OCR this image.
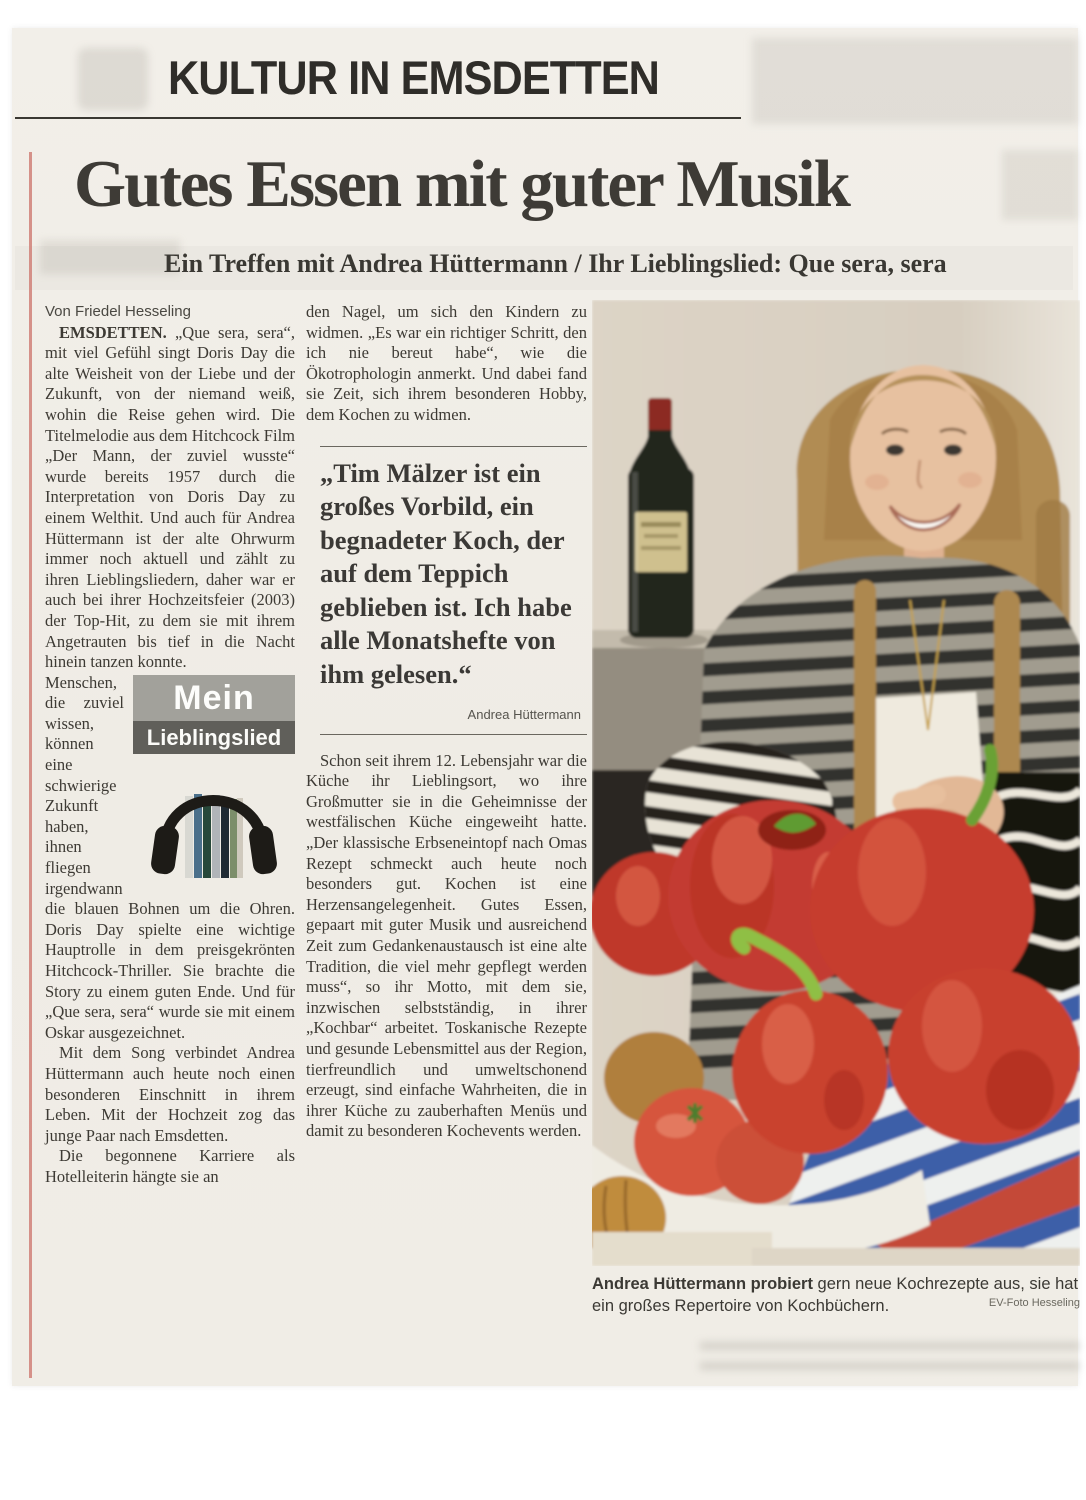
KULTUR IN EMSDETTEN
Gutes Essen mit guter Musik
Ein Treffen mit Andrea Hüttermann / Ihr Lieblingslied: Que sera, sera

Von Friedel Hesseling

EMSDETTEN. „Que sera, sera“, mit viel Gefühl singt Doris Day die alte Weisheit von der Liebe und der Zukunft, von der niemand weiß, wohin die Reise gehen wird. Die Titelmelodie aus dem Hitchcock Film „Der Mann, der zuviel wusste“ wurde bereits 1957 durch die Interpretation von Doris Day zu einem Welthit. Und auch für Andrea Hüttermann ist der alte Ohrwurm immer noch aktuell und zählt zu ihren Lieblingsliedern, daher war er auch bei ihrer Hochzeitsfeier (2003) der Top-Hit, zu dem sie mit ihrem Angetrauten bis tief in die Nacht hinein tanzen konnte.

Mein
Lieblingslied

Menschen, die zuviel wissen, können eine schwierige Zukunft haben, ihnen fliegen irgendwann die blauen Bohnen um die Ohren. Doris Day spielte eine wichtige Hauptrolle in dem preisgekrönten Hitchcock-Thriller. Sie brachte die Story zu einem guten Ende. Und für „Que sera, sera“ wurde sie mit einem Oskar ausgezeichnet.

Mit dem Song verbindet Andrea Hüttermann auch heute noch einen besonderen Einschnitt in ihrem Leben. Mit der Hochzeit zog das junge Paar nach Emsdetten.

Die begonnene Karriere als Hotelleiterin hängte sie an

den Nagel, um sich den Kindern zu widmen. „Es war ein richtiger Schritt, den ich nie bereut habe“, wie die Ökotrophologin anmerkt. Und dabei fand sie Zeit, sich ihrem besonderen Hobby, dem Kochen zu widmen.

„Tim Mälzer ist ein großes Vorbild, ein begnadeter Koch, der auf dem Teppich geblieben ist. Ich habe alle Monatshefte von ihm gelesen.“
Andrea Hüttermann

Schon seit ihrem 12. Lebensjahr war die Küche ihr Lieblingsort, wo ihre Großmutter sie in die Geheimnisse der westfälischen Küche eingeweiht hatte. „Der klassische Erbseneintopf nach Omas Rezept schmeckt auch heute noch besonders gut. Kochen ist eine Herzensangelegenheit. Gutes Essen, gepaart mit guter Musik und ausreichend Zeit zum Gedankenaustausch ist eine alte Tradition, die viel mehr gepflegt werden muss“, so ihr Motto, mit dem sie, inzwischen selbstständig, in ihrer „Kochbar“ arbeitet. Toskanische Rezepte und gesunde Lebensmittel aus der Region, tierfreundlich und umweltschonend erzeugt, sind einfache Wahrheiten, die in ihrer Küche zu zauberhaften Menüs und damit zu besonderen Kochevents werden.

Andrea Hüttermann probiert gern neue Kochrezepte aus, sie hat ein großes Repertoire von Kochbüchern.	EV-Foto Hesseling
